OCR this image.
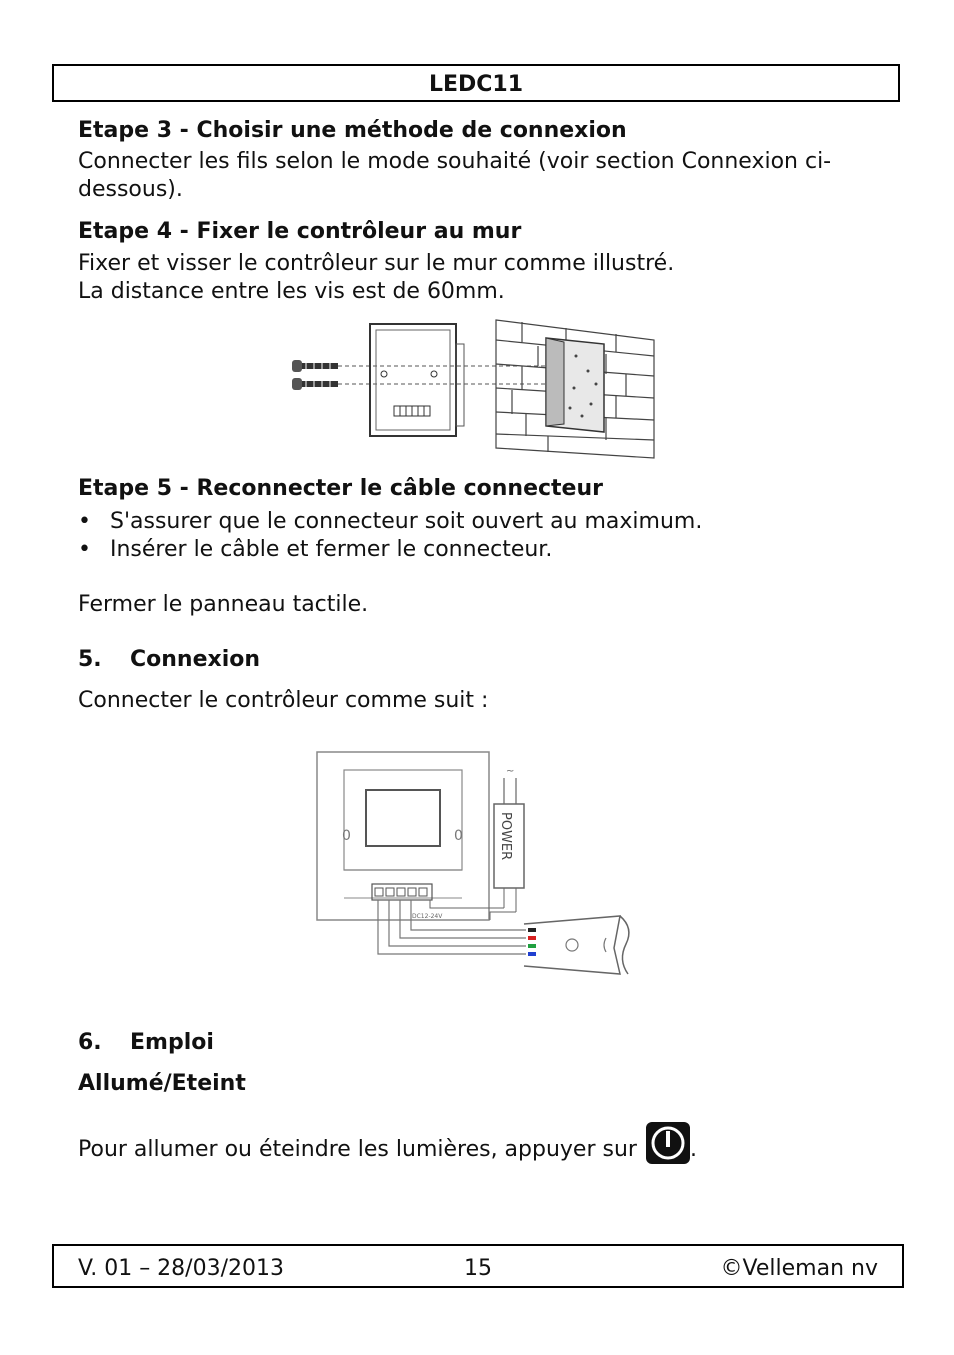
LEDC11
Etape 3 - Choisir une méthode de connexion
Connecter les fils selon le mode souhaité (voir section Connexion ci-
dessous).
Etape 4 - Fixer le contrôleur au mur
Fixer et visser le contrôleur sur le mur comme illustré.
La distance entre les vis est de 60mm.
Etape 5 - Reconnecter le câble connecteur
• S'assurer que le connecteur soit ouvert au maximum.
• Insérer le câble et fermer le connecteur.
Fermer le panneau tactile.
5. Connexion
Connecter le contrôleur comme suit :
0	0
DC12-24V
~
POWER
6. Emploi
Allumé/Eteint
Pour allumer ou éteindre les lumières, appuyer sur .
V. 01 – 28/03/2013	15	©Velleman nv
